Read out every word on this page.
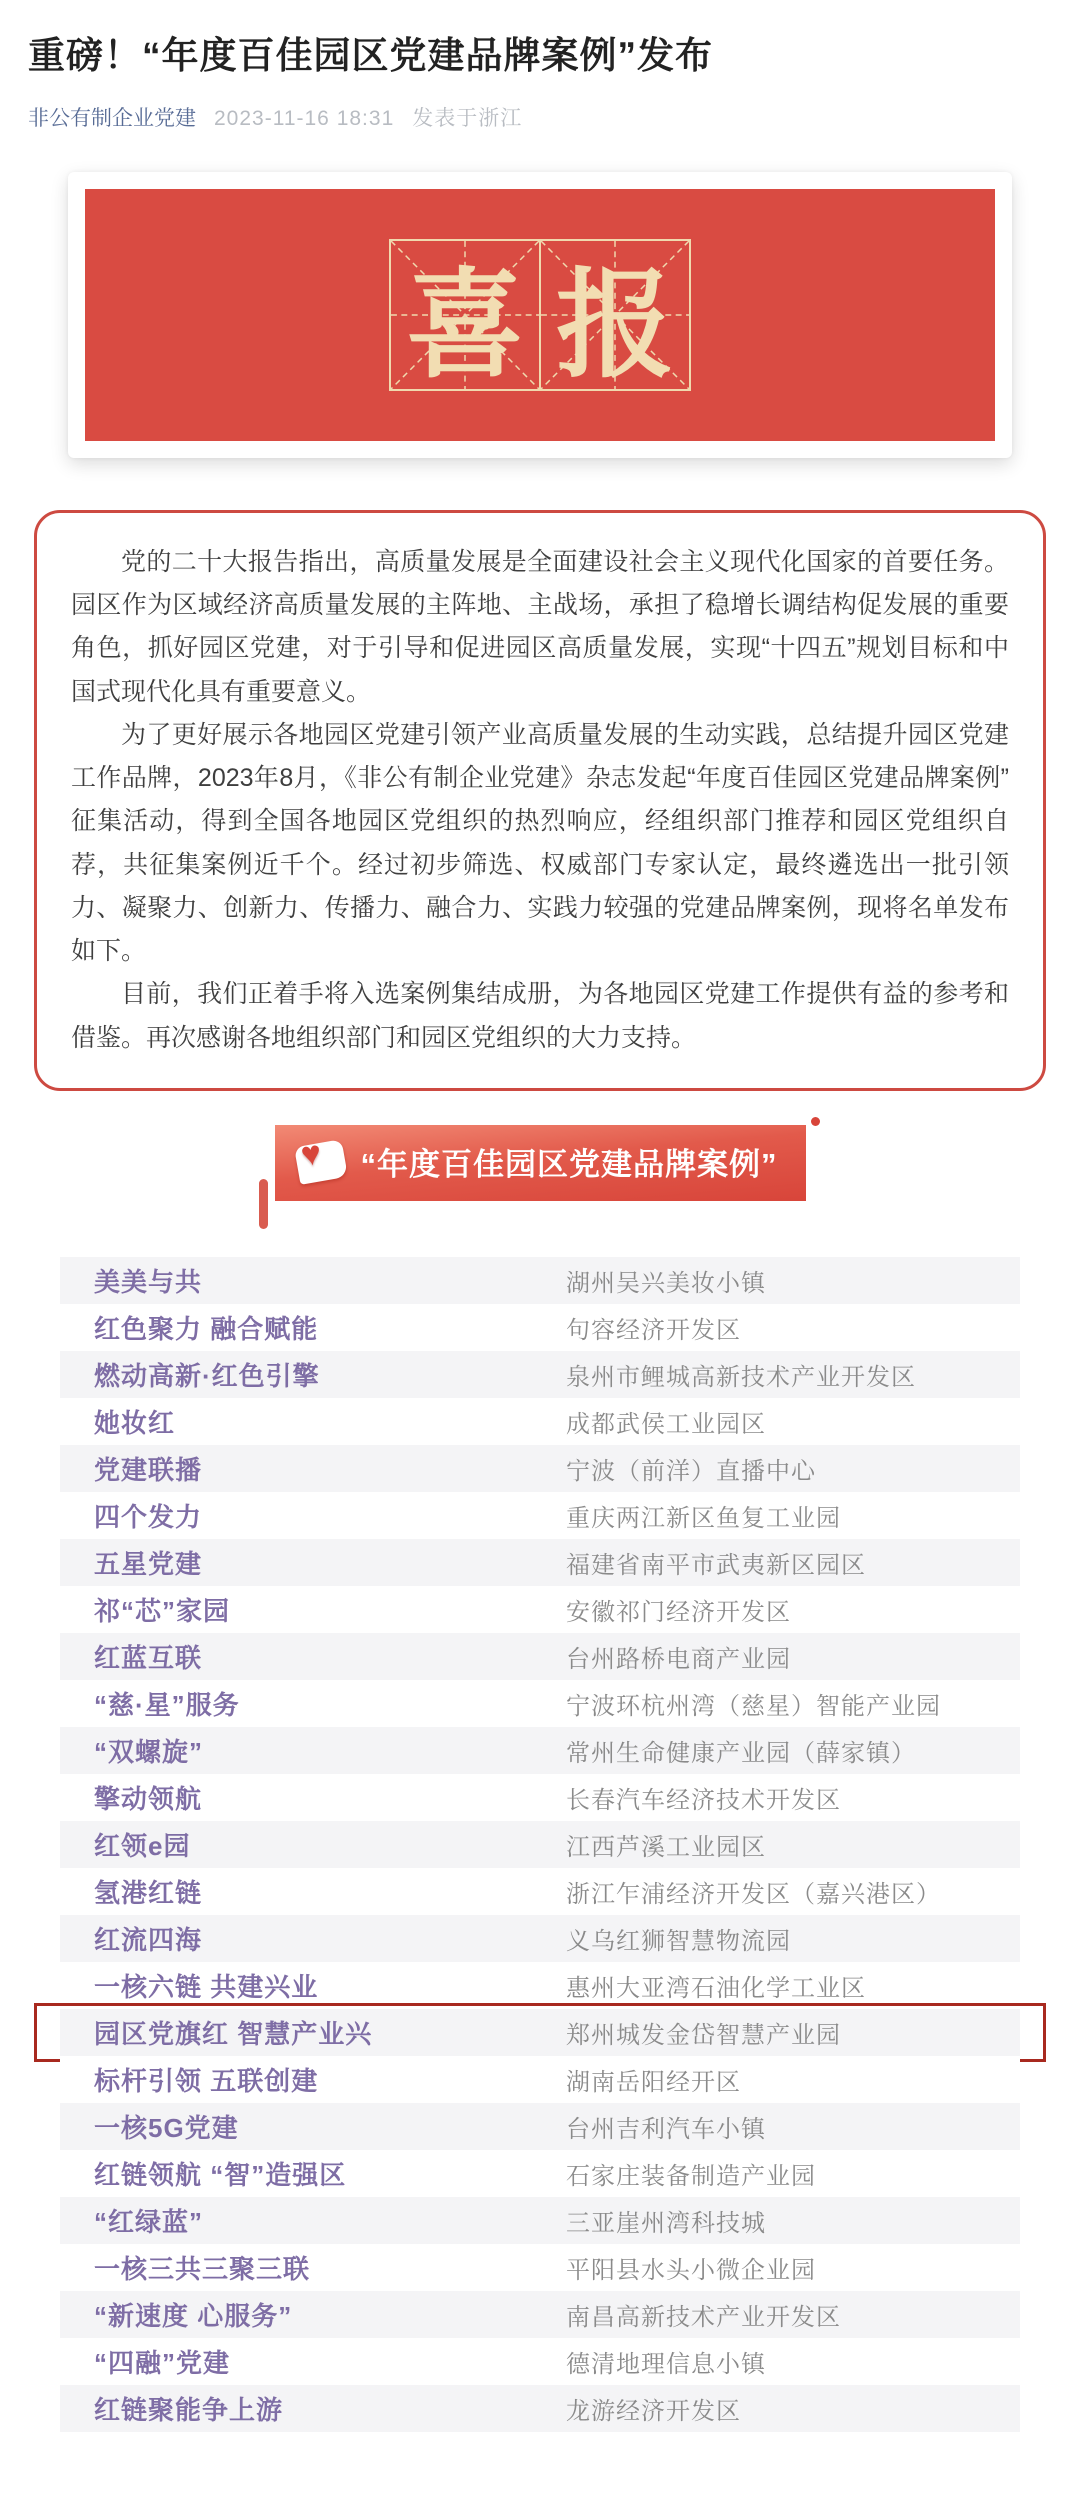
重磅！“年度百佳园区党建品牌案例”发布
非公有制企业党建 2023-11-16 18:31 发表于浙江
喜 报

党的二十大报告指出，高质量发展是全面建设社会主义现代化国家的首要任务。园区作为区域经济高质量发展的主阵地、主战场，承担了稳增长调结构促发展的重要角色，抓好园区党建，对于引导和促进园区高质量发展，实现“十四五”规划目标和中国式现代化具有重要意义。

为了更好展示各地园区党建引领产业高质量发展的生动实践，总结提升园区党建工作品牌，2023年8月，《非公有制企业党建》杂志发起“年度百佳园区党建品牌案例”征集活动，得到全国各地园区党组织的热烈响应，经组织部门推荐和园区党组织自荐，共征集案例近千个。经过初步筛选、权威部门专家认定，最终遴选出一批引领力、凝聚力、创新力、传播力、融合力、实践力较强的党建品牌案例，现将名单发布如下。

目前，我们正着手将入选案例集结成册，为各地园区党建工作提供有益的参考和借鉴。再次感谢各地组织部门和园区党组织的大力支持。

♥ “年度百佳园区党建品牌案例”
美美与共	湖州吴兴美妆小镇
红色聚力 融合赋能	句容经济开发区
燃动高新·红色引擎	泉州市鲤城高新技术产业开发区
她妆红	成都武侯工业园区
党建联播	宁波（前洋）直播中心
四个发力	重庆两江新区鱼复工业园
五星党建	福建省南平市武夷新区园区
祁“芯”家园	安徽祁门经济开发区
红蓝互联	台州路桥电商产业园
“慈·星”服务	宁波环杭州湾（慈星）智能产业园
“双螺旋”	常州生命健康产业园（薛家镇）
擎动领航	长春汽车经济技术开发区
红领e园	江西芦溪工业园区
氢港红链	浙江乍浦经济开发区（嘉兴港区）
红流四海	义乌红狮智慧物流园
一核六链 共建兴业	惠州大亚湾石油化学工业区
园区党旗红 智慧产业兴	郑州城发金岱智慧产业园
标杆引领 五联创建	湖南岳阳经开区
一核5G党建	台州吉利汽车小镇
红链领航 “智”造强区	石家庄装备制造产业园
“红绿蓝”	三亚崖州湾科技城
一核三共三聚三联	平阳县水头小微企业园
“新速度 心服务”	南昌高新技术产业开发区
“四融”党建	德清地理信息小镇
红链聚能争上游	龙游经济开发区
